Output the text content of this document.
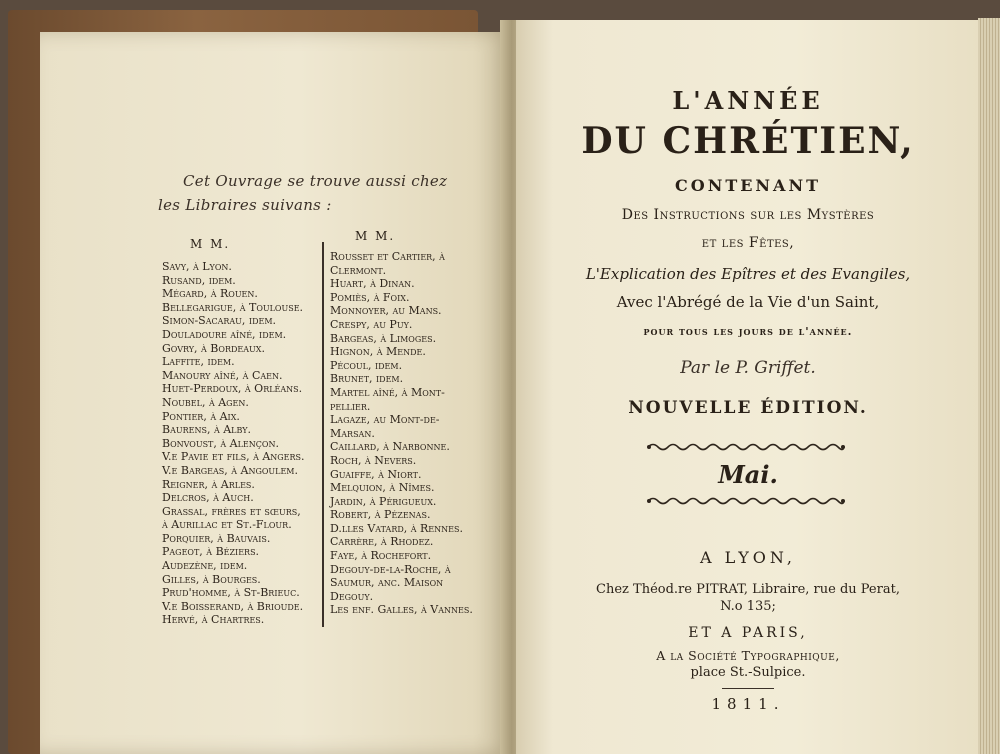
Cet Ouvrage se trouve aussi chez
les Libraires suivans :
M M.
M M.
Savy, à Lyon.
Rusand, idem.
Mégard, à Rouen.
Bellegarigue, à Toulouse.
Simon-Sacarau, idem.
Douladoure aîné, idem.
Govry, à Bordeaux.
Laffite, idem.
Manoury aîné, à Caen.
Huet-Perdoux, à Orléans.
Noubel, à Agen.
Pontier, à Aix.
Baurens, à Alby.
Bonvoust, à Alençon.
V.e Pavie et fils, à Angers.
V.e Bargeas, à Angoulem.
Reigner, à Arles.
Delcros, à Auch.
Grassal, frères et sœurs,
à Aurillac et St.-Flour.
Porquier, à Bauvais.
Pageot, à Béziers.
Audezène, idem.
Gilles, à Bourges.
Prud'homme, à St-Brieuc.
V.e Boisserand, à Brioude.
Hervé, à Chartres.
Rousset et Cartier, à
Clermont.
Huart, à Dinan.
Pomiès, à Foix.
Monnoyer, au Mans.
Crespy, au Puy.
Bargeas, à Limoges.
Hignon, à Mende.
Pécoul, idem.
Brunet, idem.
Martel aîné, à Mont-
pellier.
Lagaze, au Mont-de-
Marsan.
Caillard, à Narbonne.
Roch, à Nevers.
Guaiffe, à Niort.
Melquion, à Nîmes.
Jardin, à Périgueux.
Robert, à Pézenas.
D.lles Vatard, à Rennes.
Carrère, à Rhodez.
Faye, à Rochefort.
Degouy-de-la-Roche, à
Saumur, anc. Maison
Degouy.
Les enf. Galles, à Vannes.
L'ANNÉE
DU CHRÉTIEN,
CONTENANT
Des Instructions sur les Mystères
et les Fêtes,
L'Explication des Epîtres et des Evangiles,
Avec l'Abrégé de la Vie d'un Saint,
pour tous les jours de l'année.
Par le P. Griffet.
NOUVELLE ÉDITION.
Mai.
A LYON,
Chez Théod.re PITRAT, Libraire, rue du Perat,
N.o 135;
ET A PARIS,
A la Société Typographique,
place St.-Sulpice.
1811.
